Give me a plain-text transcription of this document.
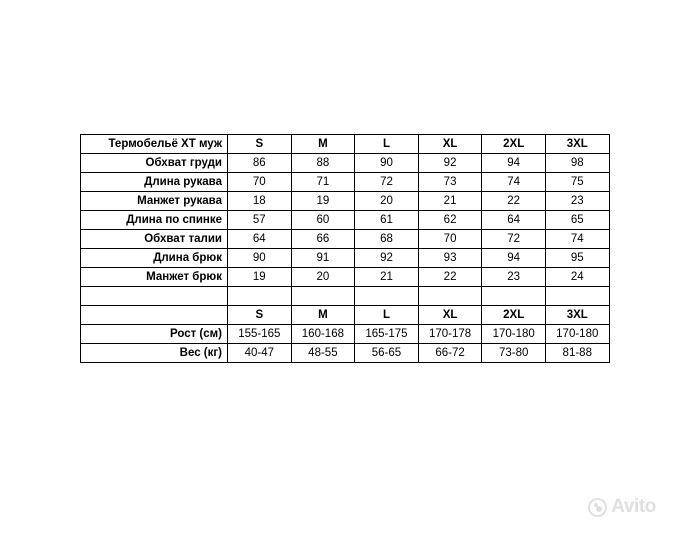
Термобельё ХТ муж	S	M	L	XL	2XL	3XL
Обхват груди	86	88	90	92	94	98
Длина рукава	70	71	72	73	74	75
Манжет рукава	18	19	20	21	22	23
Длина по спинке	57	60	61	62	64	65
Обхват талии	64	66	68	70	72	74
Длина брюк	90	91	92	93	94	95
Манжет брюк	19	20	21	22	23	24

	S	M	L	XL	2XL	3XL
Рост (см)	155-165	160-168	165-175	170-178	170-180	170-180
Вес (кг)	40-47	48-55	56-65	66-72	73-80	81-88
Avito
